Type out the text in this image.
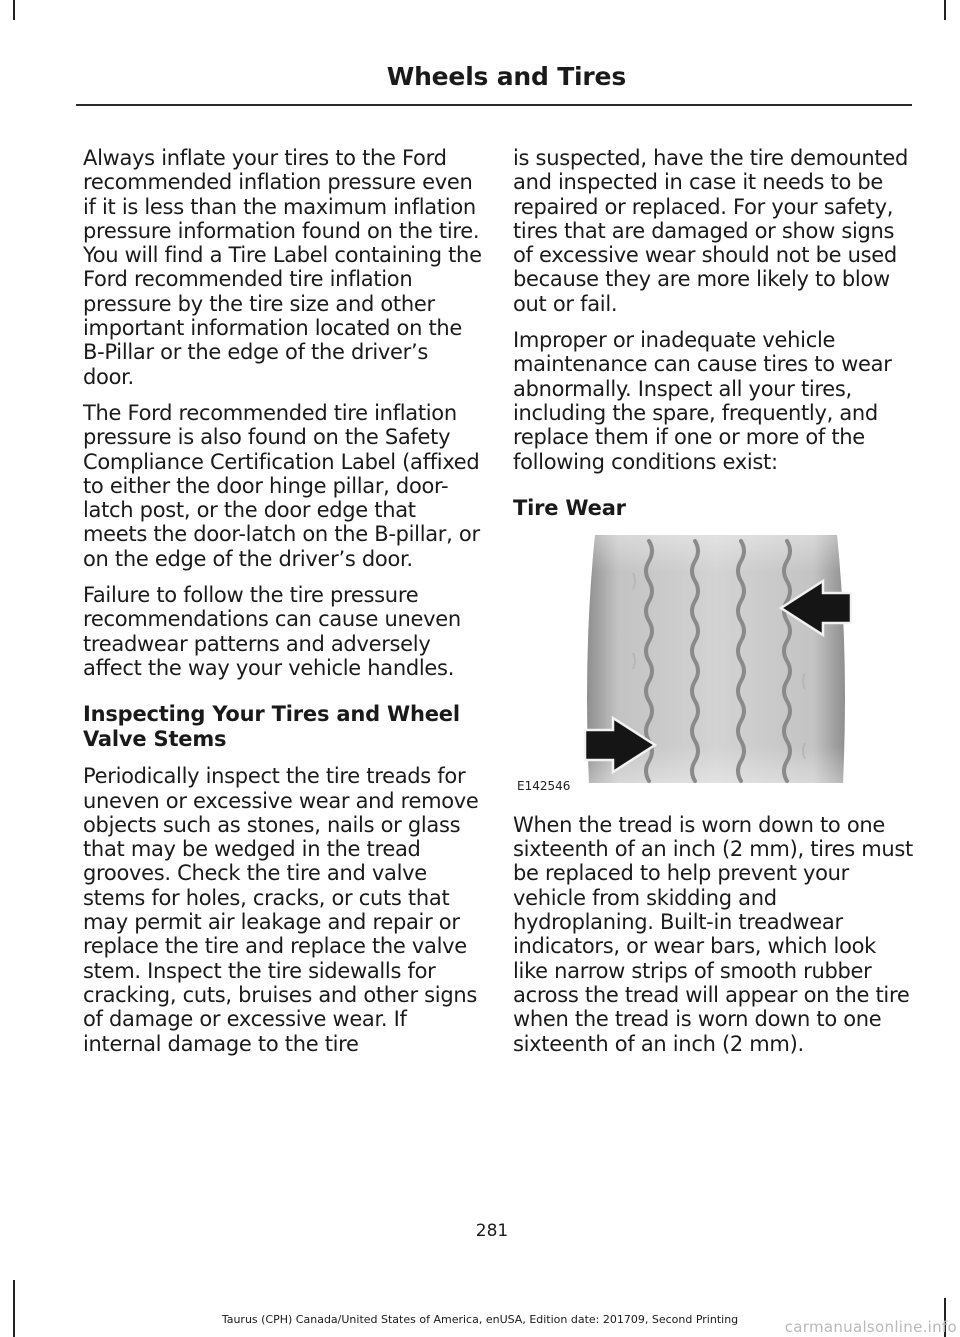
Wheels and Tires

Always inflate your tires to the Ford recommended inflation pressure even if it is less than the maximum inflation pressure information found on the tire. You will find a Tire Label containing the Ford recommended tire inflation pressure by the tire size and other important information located on the B-Pillar or the edge of the driver’s door.

The Ford recommended tire inflation pressure is also found on the Safety Compliance Certification Label (affixed to either the door hinge pillar, door-latch post, or the door edge that meets the door-latch on the B-pillar, or on the edge of the driver’s door.

Failure to follow the tire pressure recommendations can cause uneven treadwear patterns and adversely affect the way your vehicle handles.

Inspecting Your Tires and Wheel Valve Stems

Periodically inspect the tire treads for uneven or excessive wear and remove objects such as stones, nails or glass that may be wedged in the tread grooves. Check the tire and valve stems for holes, cracks, or cuts that may permit air leakage and repair or replace the tire and replace the valve stem. Inspect the tire sidewalls for cracking, cuts, bruises and other signs of damage or excessive wear. If internal damage to the tire

is suspected, have the tire demounted and inspected in case it needs to be repaired or replaced. For your safety, tires that are damaged or show signs of excessive wear should not be used because they are more likely to blow out or fail.

Improper or inadequate vehicle maintenance can cause tires to wear abnormally. Inspect all your tires, including the spare, frequently, and replace them if one or more of the following conditions exist:

Tire Wear
E142546

When the tread is worn down to one sixteenth of an inch (2 mm), tires must be replaced to help prevent your vehicle from skidding and hydroplaning. Built-in treadwear indicators, or wear bars, which look like narrow strips of smooth rubber across the tread will appear on the tire when the tread is worn down to one sixteenth of an inch (2 mm).

281
Taurus (CPH) Canada/United States of America, enUSA, Edition date: 201709, Second Printing	carmanualsonline.info
